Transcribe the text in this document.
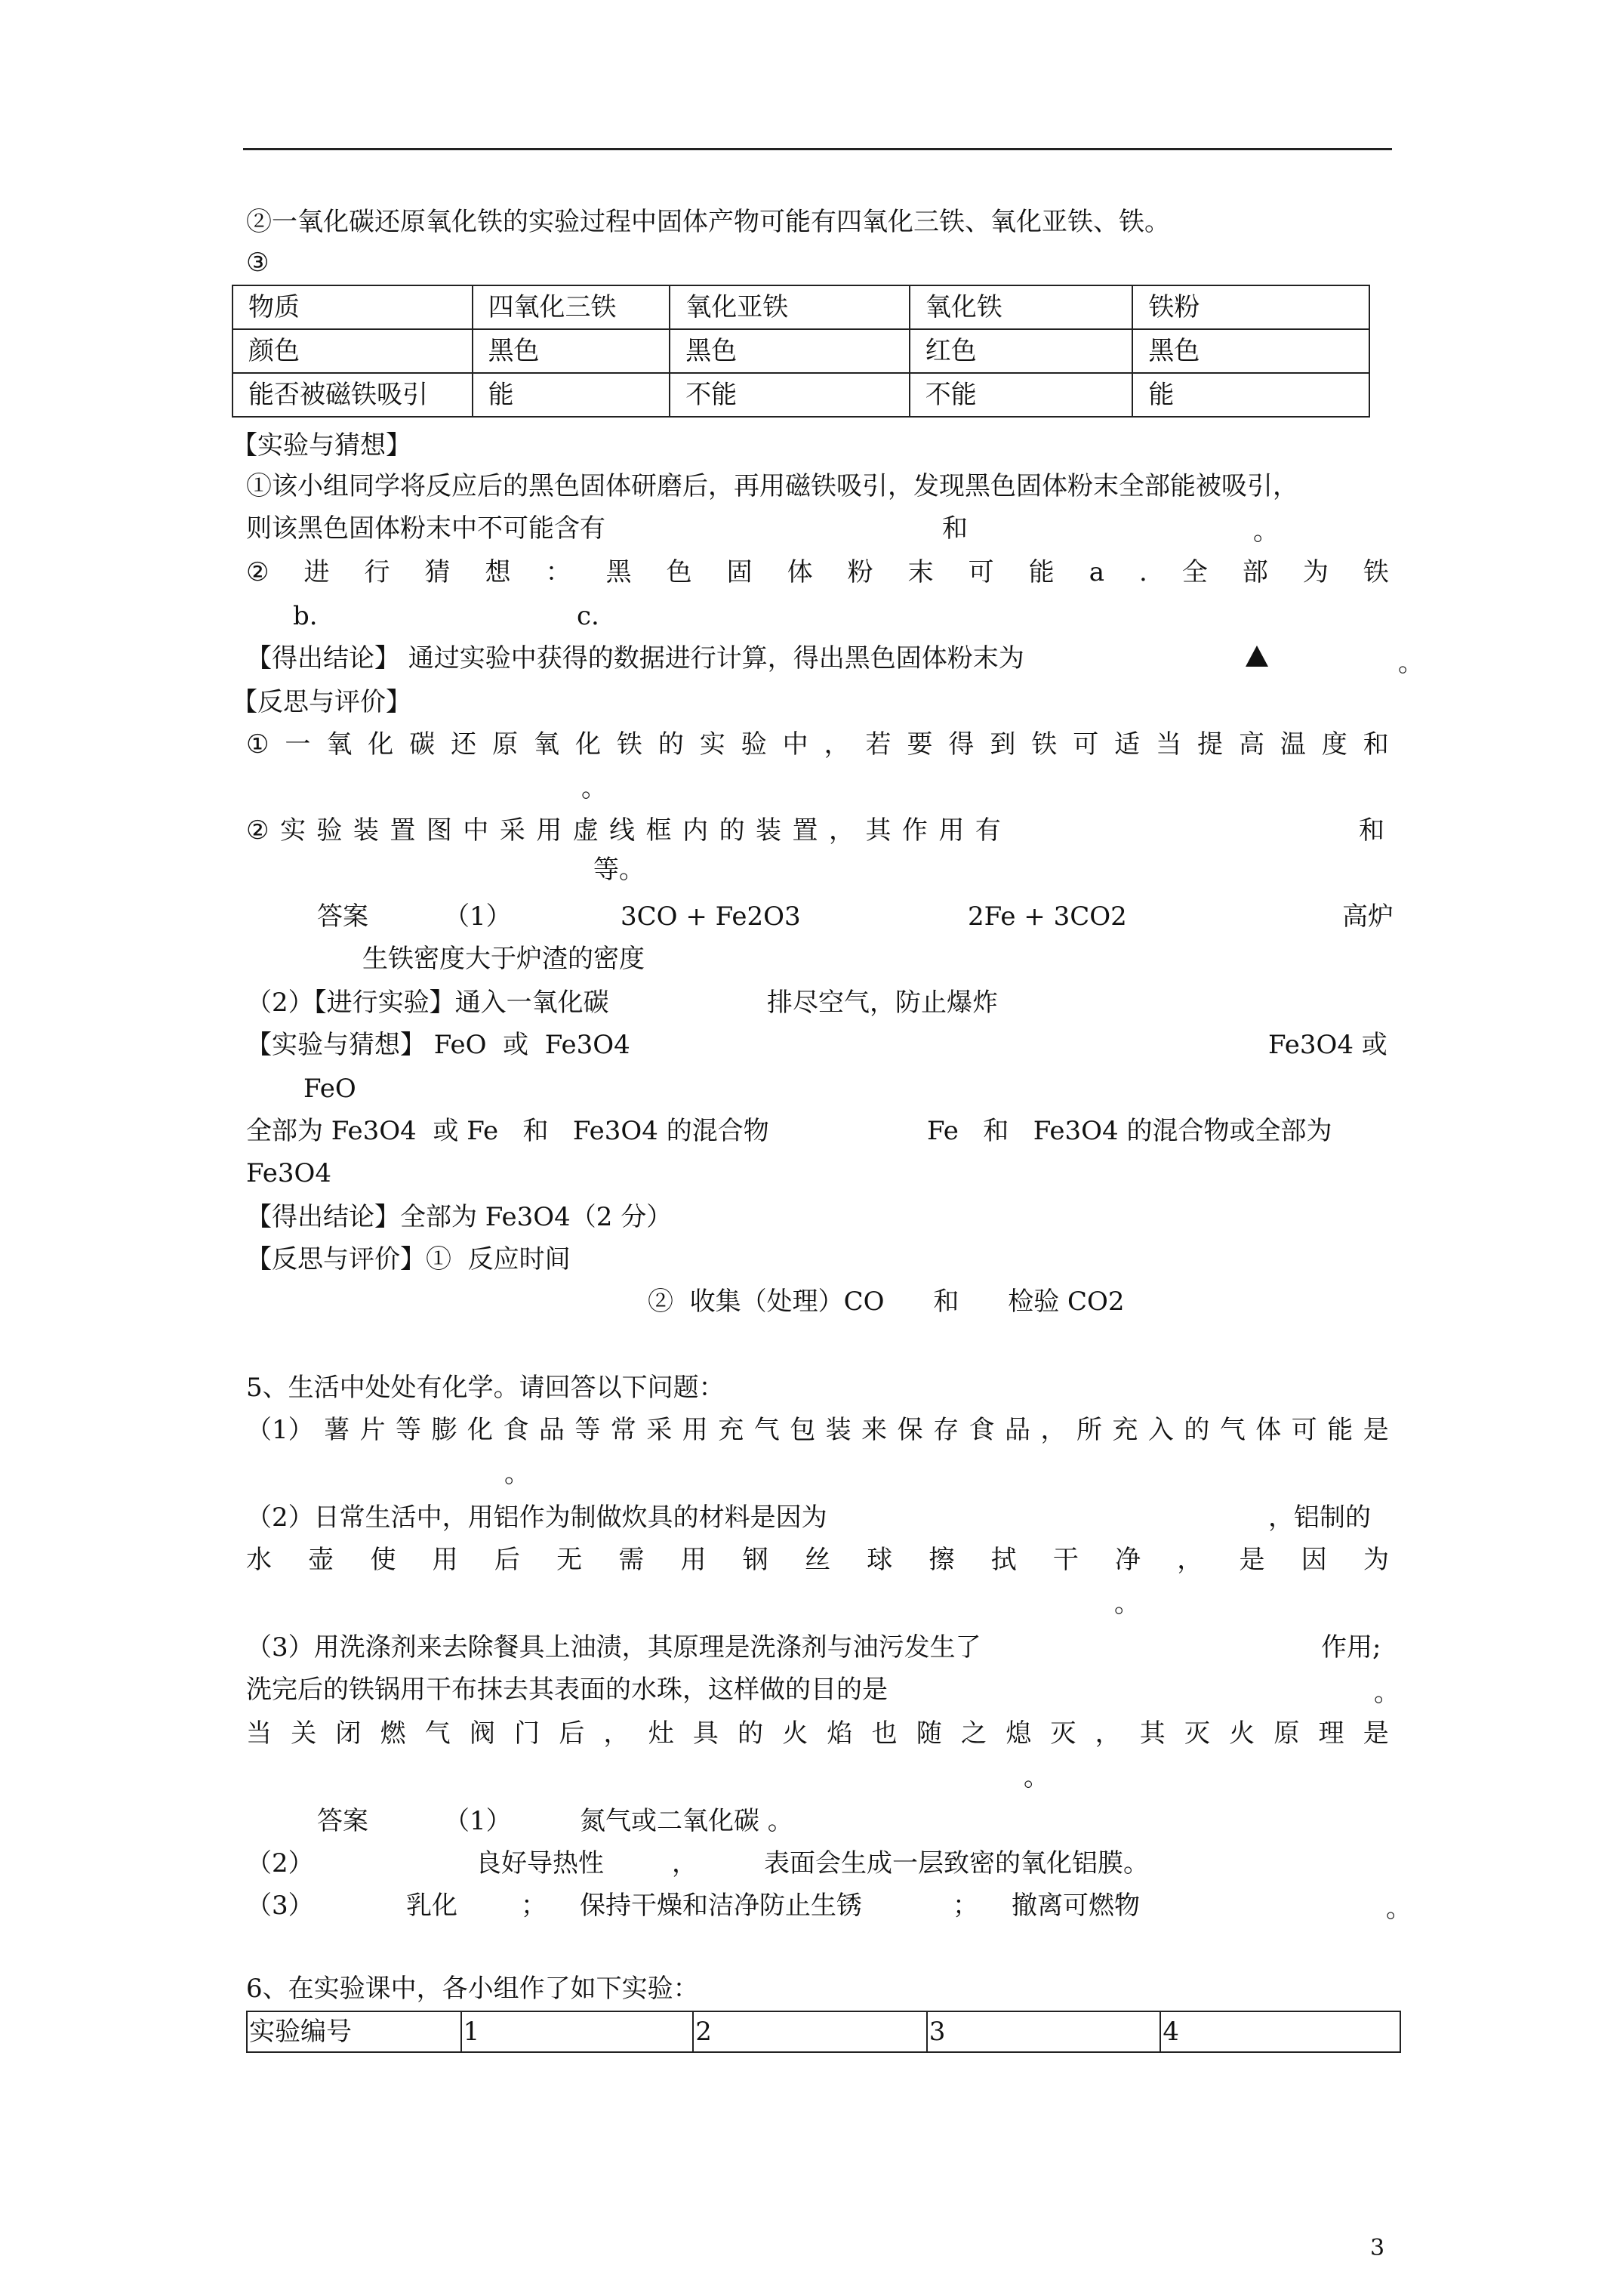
②一氧化碳还原氧化铁的实验过程中固体产物可能有四氧化三铁、氧化亚铁、铁。
③
物质	四氧化三铁	氧化亚铁	氧化铁	铁粉
颜色	黑色	黑色	红色	黑色
能否被磁铁吸引	能	不能	不能	能
【实验与猜想】
①该小组同学将反应后的黑色固体研磨后，再用磁铁吸引，发现黑色固体粉末全部能被吸引，
则该黑色固体粉末中不可能含有	和	。
② 进 行 猜 想 ： 黑 色 固 体 粉 末 可 能 a . 全 部 为 铁
b.	c.
【得出结论】 通过实验中获得的数据进行计算，得出黑色固体粉末为	。
【反思与评价】
① 一 氧 化 碳 还 原 氧 化 铁 的 实 验 中 ， 若 要 得 到 铁 可 适 当 提 高 温 度 和
。
② 实 验 装 置 图 中 采 用 虚 线 框 内 的 装 置 ， 其 作 用 有	和
等。
答案	（1）	3CO + Fe2O3	2Fe + 3CO2	高炉
生铁密度大于炉渣的密度
（2）【进行实验】通入一氧化碳	排尽空气，防止爆炸
【实验与猜想】 FeO  或  Fe3O4	Fe3O4 或
FeO
全部为 Fe3O4  或 Fe   和   Fe3O4 的混合物	Fe   和   Fe3O4 的混合物或全部为
Fe3O4
【得出结论】全部为 Fe3O4（2 分）
【反思与评价】①  反应时间
②  收集（处理）CO      和      检验 CO2
5、生活中处处有化学。请回答以下问题：
（1） 薯 片 等 膨 化 食 品 等 常 采 用 充 气 包 装 来 保 存 食 品 ， 所 充 入 的 气 体 可 能 是
。
（2）日常生活中，用铝作为制做炊具的材料是因为	，铝制的
水 壶 使 用 后 无 需 用 钢 丝 球 擦 拭 干 净 ， 是 因 为
。
（3）用洗涤剂来去除餐具上油渍，其原理是洗涤剂与油污发生了	作用;
洗完后的铁锅用干布抹去其表面的水珠，这样做的目的是	。
当 关 闭 燃 气 阀 门 后 ， 灶 具 的 火 焰 也 随 之 熄 灭 ， 其 灭 火 原 理 是
。
答案	（1）	氮气或二氧化碳 。
（2）	良好导热性	，	表面会生成一层致密的氧化铝膜。
（3）	乳化 ； 保持干燥和洁净防止生锈	； 撤离可燃物	。
6、在实验课中，各小组作了如下实验：
实验编号	1	2	3	4
3
